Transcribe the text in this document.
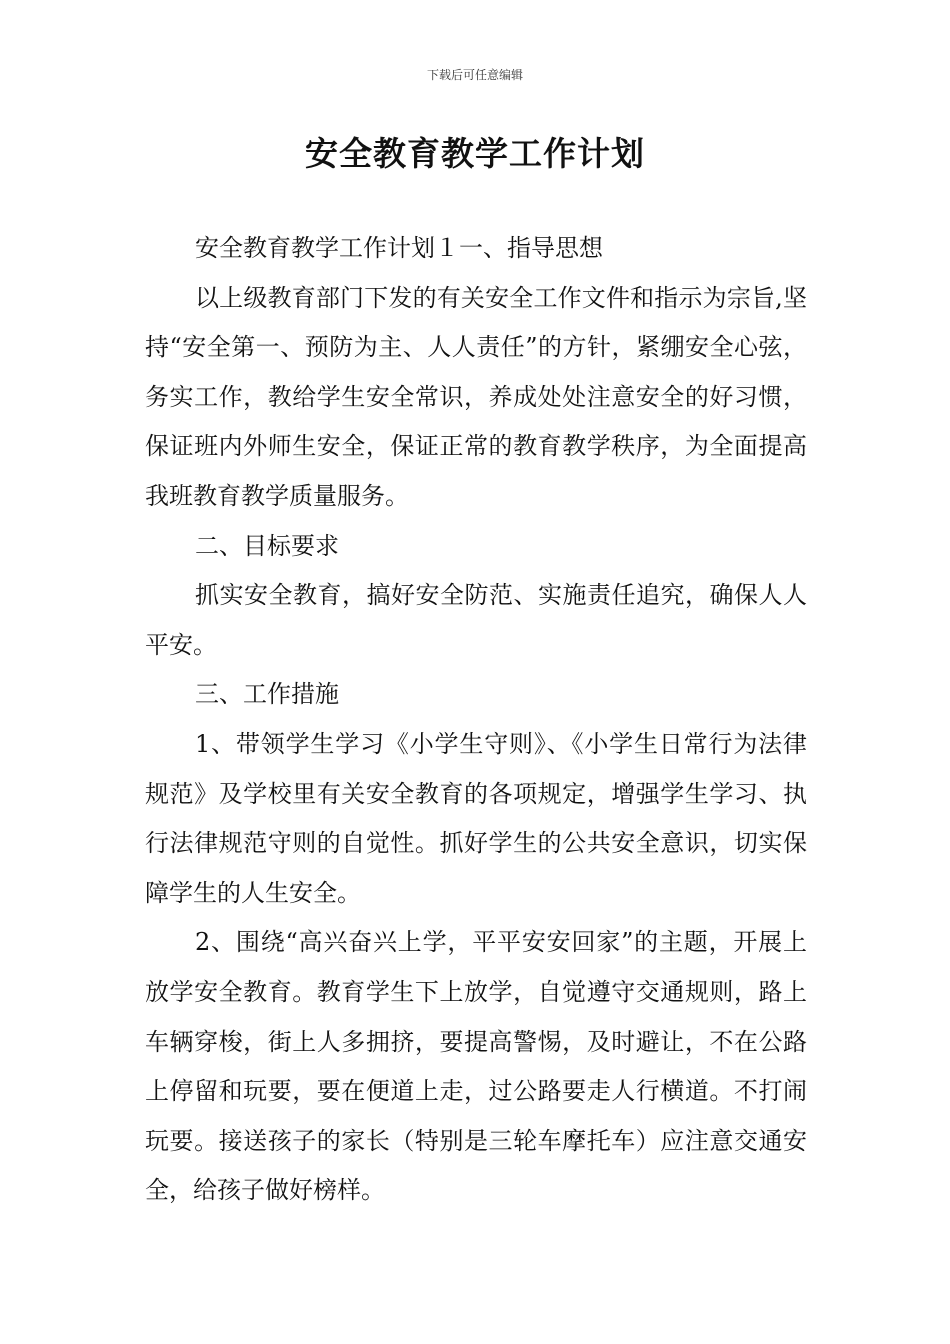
下载后可任意编辑
安全教育教学工作计划

安全教育教学工作计划１一、指导思想

以上级教育部门下发的有关安全工作文件和指示为宗旨,坚持“安全第一、预防为主、人人责任”的方针，紧绷安全心弦，务实工作，教给学生安全常识，养成处处注意安全的好习惯，保证班内外师生安全，保证正常的教育教学秩序，为全面提高我班教育教学质量服务。

二、目标要求

抓实安全教育，搞好安全防范、实施责任追究，确保人人平安。

三、工作措施

1、带领学生学习《小学生守则》、《小学生日常行为法律规范》及学校里有关安全教育的各项规定，增强学生学习、执行法律规范守则的自觉性。抓好学生的公共安全意识，切实保障学生的人生安全。

2、围绕“高兴奋兴上学，平平安安回家”的主题，开展上放学安全教育。教育学生下上放学，自觉遵守交通规则，路上车辆穿梭，街上人多拥挤，要提高警惕，及时避让，不在公路上停留和玩要，要在便道上走，过公路要走人行横道。不打闹玩要。接送孩子的家长（特别是三轮车摩托车）应注意交通安全，给孩子做好榜样。
